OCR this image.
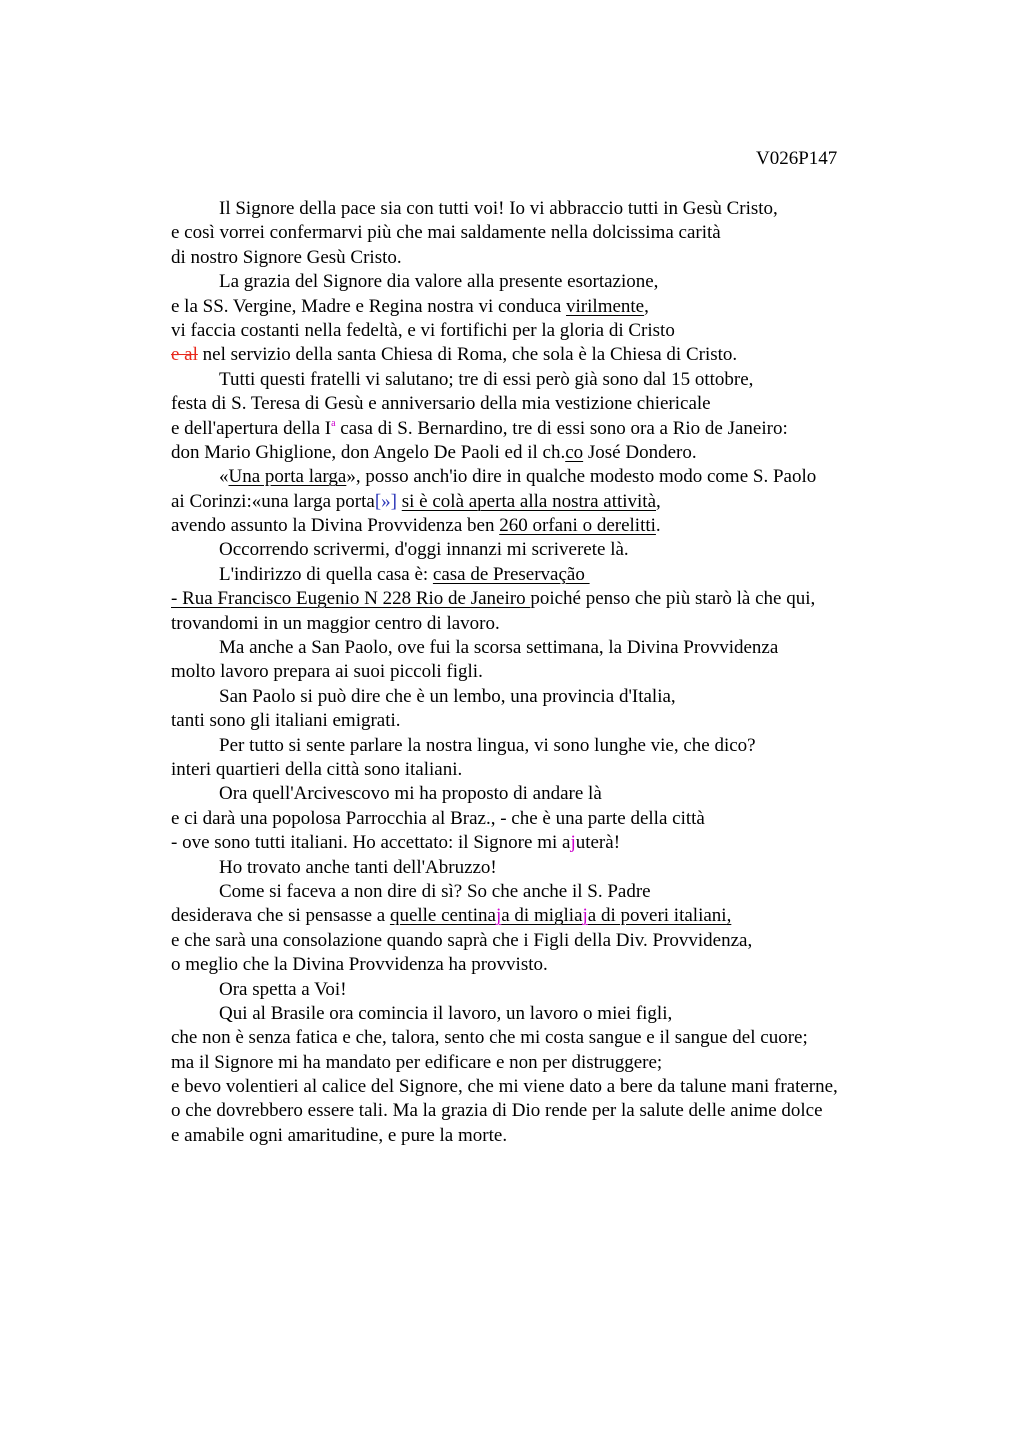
V026P147
Il Signore della pace sia con tutti voi! Io vi abbraccio tutti in Gesù Cristo,
e così vorrei confermarvi più che mai saldamente nella dolcissima carità
di nostro Signore Gesù Cristo.
La grazia del Signore dia valore alla presente esortazione,
e la SS. Vergine, Madre e Regina nostra vi conduca virilmente,
vi faccia costanti nella fedeltà, e vi fortifichi per la gloria di Cristo
e al nel servizio della santa Chiesa di Roma, che sola è la Chiesa di Cristo.
Tutti questi fratelli vi salutano; tre di essi però già sono dal 15 ottobre,
festa di S. Teresa di Gesù e anniversario della mia vestizione chiericale
e dell'apertura della $I^a$ casa di S. Bernardino, tre di essi sono ora a Rio de Janeiro:
don Mario Ghiglione, don Angelo De Paoli ed il ch.co José Dondero.
«Una porta larga», posso anch'io dire in qualche modesto modo come S. Paolo
ai Corinzi:«una larga porta[»] si è colà aperta alla nostra attività,
avendo assunto la Divina Provvidenza ben 260 orfani o derelitti.
Occorrendo scrivermi, d'oggi innanzi mi scriverete là.
L'indirizzo di quella casa è: casa de Preservação
- Rua Francisco Eugenio N 228 Rio de Janeiro poiché penso che più starò là che qui,
trovandomi in un maggior centro di lavoro.
Ma anche a San Paolo, ove fui la scorsa settimana, la Divina Provvidenza
molto lavoro prepara ai suoi piccoli figli.
San Paolo si può dire che è un lembo, una provincia d'Italia,
tanti sono gli italiani emigrati.
Per tutto si sente parlare la nostra lingua, vi sono lunghe vie, che dico?
interi quartieri della città sono italiani.
Ora quell'Arcivescovo mi ha proposto di andare là
e ci darà una popolosa Parrocchia al Braz., - che è una parte della città
- ove sono tutti italiani. Ho accettato: il Signore mi ajuterà!
Ho trovato anche tanti dell'Abruzzo!
Come si faceva a non dire di sì? So che anche il S. Padre
desiderava che si pensasse a quelle centinaja di migliaja di poveri italiani,
e che sarà una consolazione quando saprà che i Figli della Div. Provvidenza,
o meglio che la Divina Provvidenza ha provvisto.
Ora spetta a Voi!
Qui al Brasile ora comincia il lavoro, un lavoro o miei figli,
che non è senza fatica e che, talora, sento che mi costa sangue e il sangue del cuore;
ma il Signore mi ha mandato per edificare e non per distruggere;
e bevo volentieri al calice del Signore, che mi viene dato a bere da talune mani fraterne,
o che dovrebbero essere tali. Ma la grazia di Dio rende per la salute delle anime dolce
e amabile ogni amaritudine, e pure la morte.
